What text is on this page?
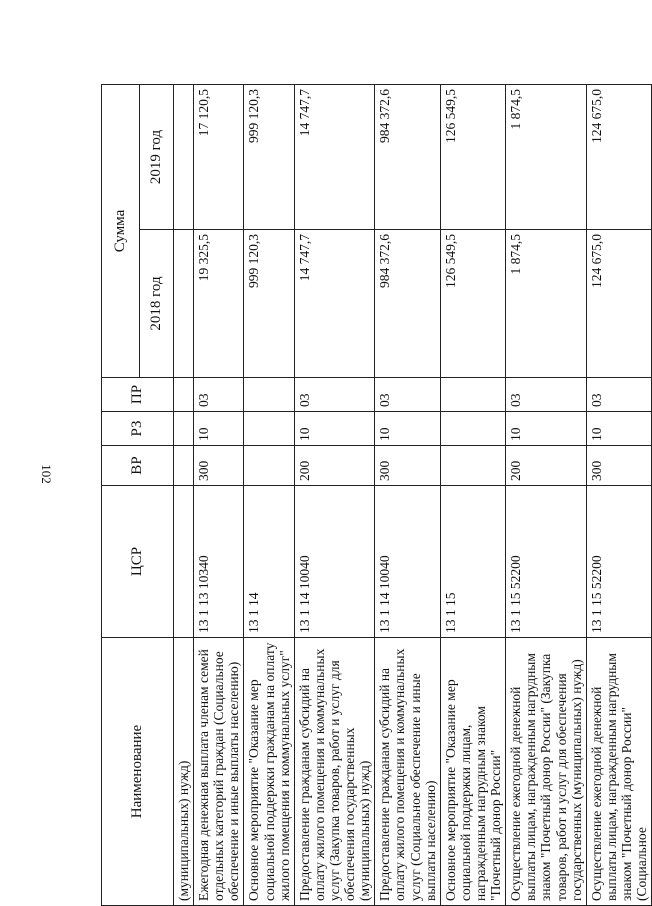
102
Наименование	ЦСР	ВР	РЗ	ПР	Сумма	
					2018 год	2019 год
(муниципальных) нужд)						
Ежегодная денежная выплата членам семей отдельных категорий граждан (Социальное обеспечение и иные выплаты населению)	13 1 13 10340	300	10	03	19 325,5	17 120,5
Основное мероприятие "Оказание мер социальной поддержки гражданам на оплату жилого помещения и коммунальных услуг"	13 1 14				999 120,3	999 120,3
Предоставление гражданам субсидий на оплату жилого помещения и коммунальных услуг (Закупка товаров, работ и услуг для обеспечения государственных (муниципальных) нужд)	13 1 14 10040	200	10	03	14 747,7	14 747,7
Предоставление гражданам субсидий на оплату жилого помещения и коммунальных услуг (Социальное обеспечение и иные выплаты населению)	13 1 14 10040	300	10	03	984 372,6	984 372,6
Основное мероприятие "Оказание мер социальной поддержки лицам, награжденным нагрудным знаком "Почетный донор России"	13 1 15				126 549,5	126 549,5
Осуществление ежегодной денежной выплаты лицам, награжденным нагрудным знаком "Почетный донор России" (Закупка товаров, работ и услуг для обеспечения государственных (муниципальных) нужд)	13 1 15 52200	200	10	03	1 874,5	1 874,5
Осуществление ежегодной денежной выплаты лицам, награжденным нагрудным знаком "Почетный донор России" (Социальное	13 1 15 52200	300	10	03	124 675,0	124 675,0
